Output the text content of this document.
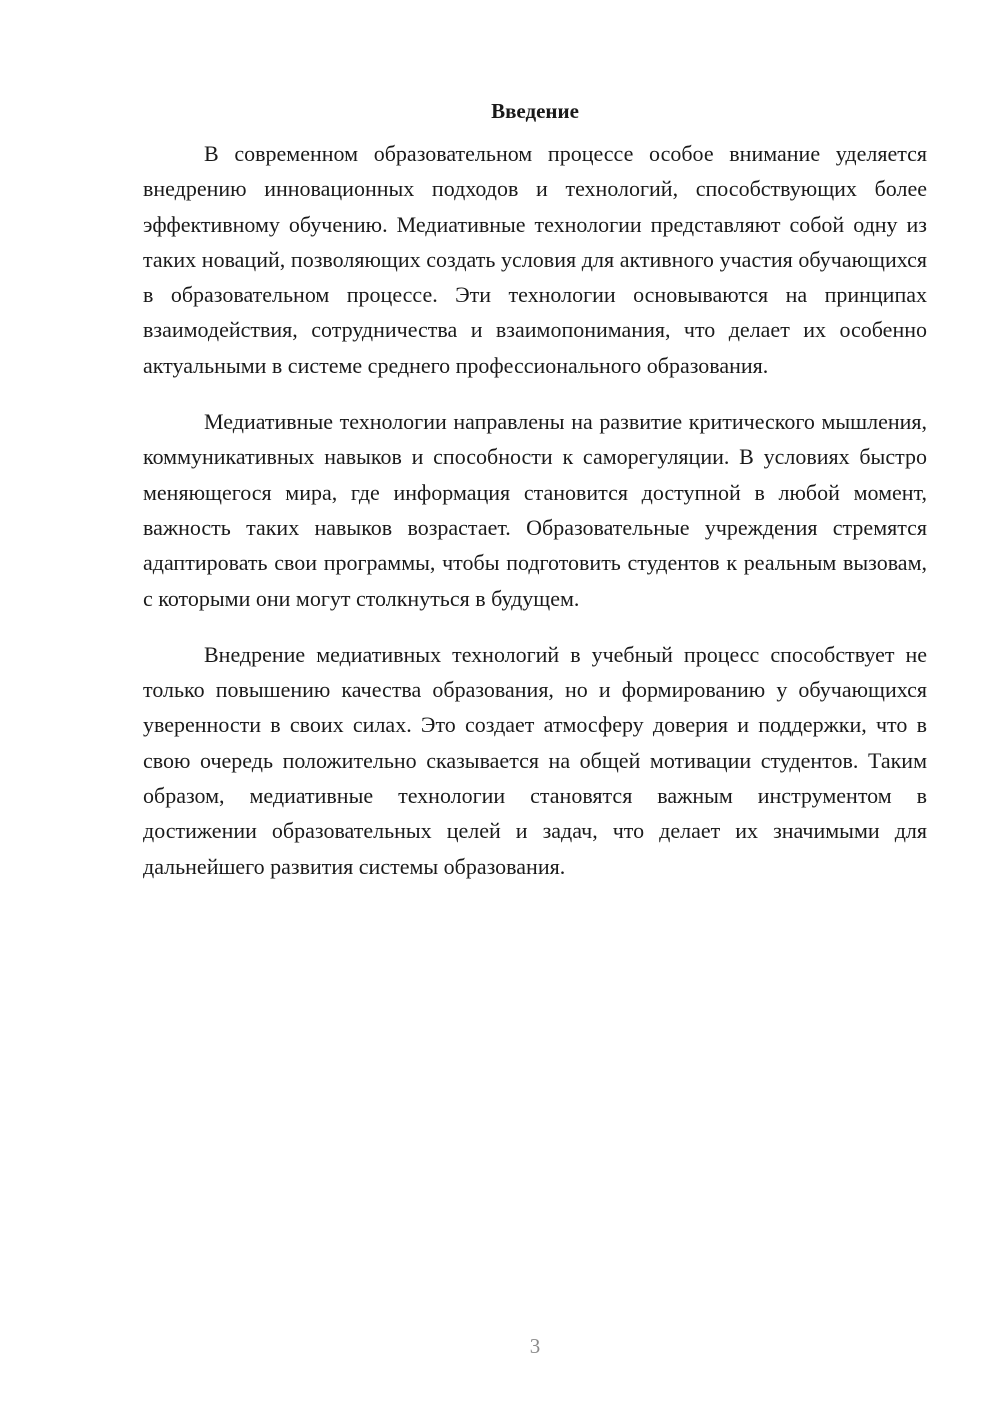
Введение

В современном образовательном процессе особое внимание уделяется внедрению инновационных подходов и технологий, способствующих более эффективному обучению. Медиативные технологии представляют собой одну из таких новаций, позволяющих создать условия для активного участия обучающихся в образовательном процессе. Эти технологии основываются на принципах взаимодействия, сотрудничества и взаимопонимания, что делает их особенно актуальными в системе среднего профессионального образования.

Медиативные технологии направлены на развитие критического мышления, коммуникативных навыков и способности к саморегуляции. В условиях быстро меняющегося мира, где информация становится доступной в любой момент, важность таких навыков возрастает. Образовательные учреждения стремятся адаптировать свои программы, чтобы подготовить студентов к реальным вызовам, с которыми они могут столкнуться в будущем.

Внедрение медиативных технологий в учебный процесс способствует не только повышению качества образования, но и формированию у обучающихся уверенности в своих силах. Это создает атмосферу доверия и поддержки, что в свою очередь положительно сказывается на общей мотивации студентов. Таким образом, медиативные технологии становятся важным инструментом в достижении образовательных целей и задач, что делает их значимыми для дальнейшего развития системы образования.

3
